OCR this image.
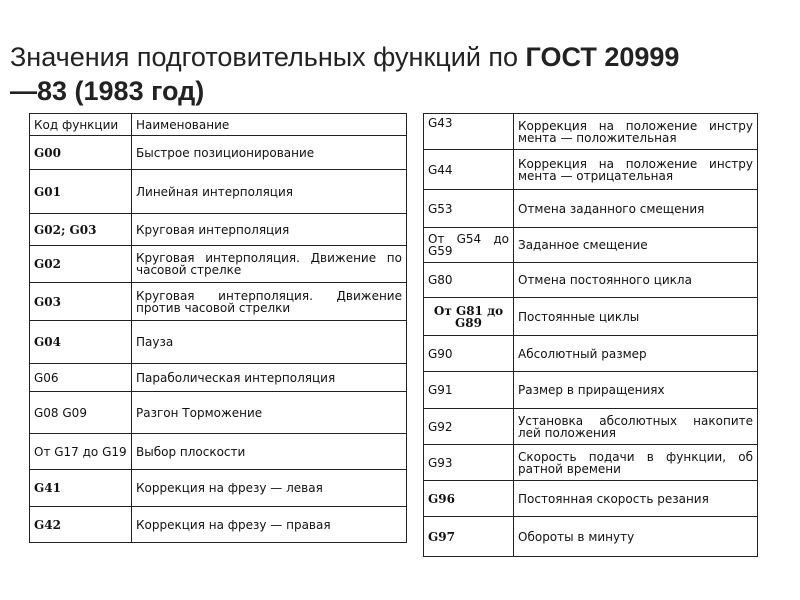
Значения подготовительных функций по ГОСТ 20999
—83 (1983 год)
Код функции	Наименование
G00	Быстрое позиционирование
G01	Линейная интерполяция
G02; G03	Круговая интерполяция
G02	Круговая интерполяция. Движение по часовой стрелке
G03	Круговая интерполяция. Движение против часовой стрелки
G04	Пауза
G06	Параболическая интерполяция
G08 G09	Разгон Торможение
От G17 до G19	Выбор плоскости
G41	Коррекция на фрезу — левая
G42	Коррекция на фрезу — правая
G43	Коррекция на положение инстру мента — положительная
G44	Коррекция на положение инстру мента — отрицательная
G53	Отмена заданного смещения
От G54 до G59	Заданное смещение
G80	Отмена постоянного цикла
От G81 до G89	Постоянные циклы
G90	Абсолютный размер
G91	Размер в приращениях
G92	Установка абсолютных накопите лей положения
G93	Скорость подачи в функции, об ратной времени
G96	Постоянная скорость резания
G97	Обороты в минуту
